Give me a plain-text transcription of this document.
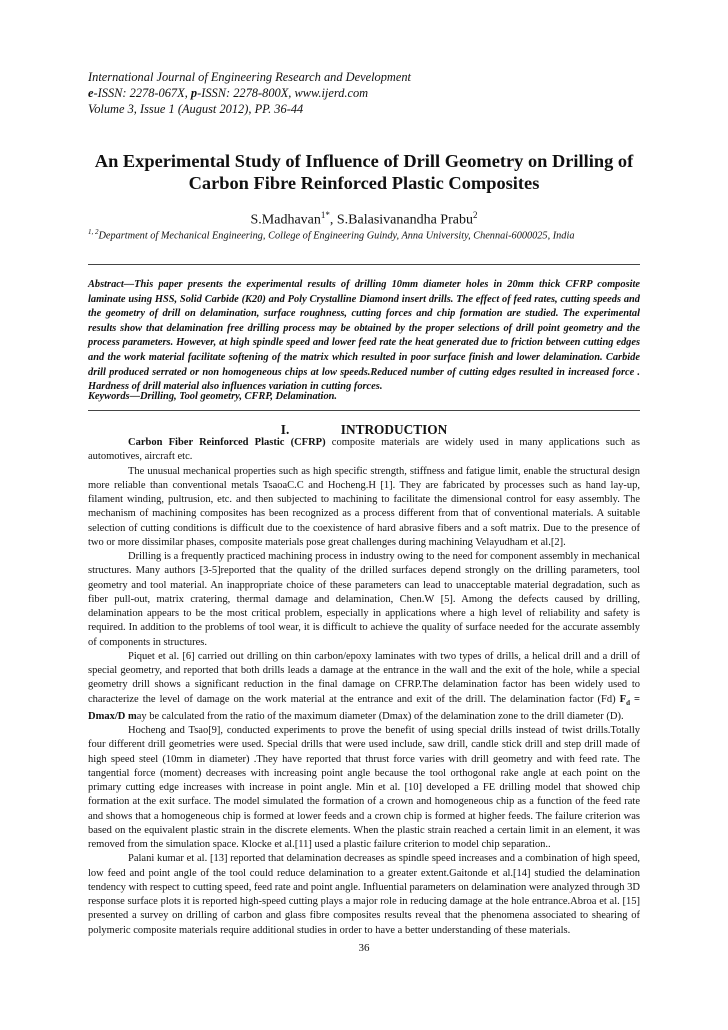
International Journal of Engineering Research and Development
e-ISSN: 2278-067X, p-ISSN: 2278-800X, www.ijerd.com
Volume 3, Issue 1 (August 2012), PP. 36-44
An Experimental Study of Influence of Drill Geometry on Drilling of Carbon Fibre Reinforced Plastic Composites
S.Madhavan$^{1*}$, S.Balasivanandha Prabu$^2$
$^{1, 2}$Department of Mechanical Engineering, College of Engineering Guindy, Anna University, Chennai-6000025, India
Abstract—This paper presents the experimental results of drilling 10mm diameter holes in 20mm thick CFRP composite laminate using HSS, Solid Carbide (K20) and Poly Crystalline Diamond insert drills. The effect of feed rates, cutting speeds and the geometry of drill on delamination, surface roughness, cutting forces and chip formation are studied. The experimental results show that delamination free drilling process may be obtained by the proper selections of drill point geometry and the process parameters. However, at high spindle speed and lower feed rate the heat generated due to friction between cutting edges and the work material facilitate softening of the matrix which resulted in poor surface finish and lower delamination. Carbide drill produced serrated or non homogeneous chips at low speeds.Reduced number of cutting edges resulted in increased force . Hardness of drill material also influences variation in cutting forces.
Keywords—Drilling, Tool geometry, CFRP, Delamination.
I.	INTRODUCTION

Carbon Fiber Reinforced Plastic (CFRP) composite materials are widely used in many applications such as automotives, aircraft etc.

The unusual mechanical properties such as high specific strength, stiffness and fatigue limit, enable the structural design more reliable than conventional metals TsaoaC.C and Hocheng.H [1]. They are fabricated by processes such as hand lay-up, filament winding, pultrusion, etc. and then subjected to machining to facilitate the dimensional control for easy assembly. The mechanism of machining composites has been recognized as a process different from that of conventional materials. A suitable selection of cutting conditions is difficult due to the coexistence of hard abrasive fibers and a soft matrix. Due to the presence of two or more dissimilar phases, composite materials pose great challenges during machining Velayudham et al.[2].

Drilling is a frequently practiced machining process in industry owing to the need for component assembly in mechanical structures. Many authors [3-5]reported that the quality of the drilled surfaces depend strongly on the drilling parameters, tool geometry and tool material. An inappropriate choice of these parameters can lead to unacceptable material degradation, such as fiber pull-out, matrix cratering, thermal damage and delamination, Chen.W [5]. Among the defects caused by drilling, delamination appears to be the most critical problem, especially in applications where a high level of reliability and safety is required. In addition to the problems of tool wear, it is difficult to achieve the quality of surface needed for the accurate assembly of components in structures.

Piquet et al. [6] carried out drilling on thin carbon/epoxy laminates with two types of drills, a helical drill and a drill of special geometry, and reported that both drills leads a damage at the entrance in the wall and the exit of the hole, while a special geometry drill shows a significant reduction in the final damage on CFRP.The delamination factor has been widely used to characterize the level of damage on the work material at the entrance and exit of the drill. The delamination factor (Fd) $F_d = Dmax/D$ may be calculated from the ratio of the maximum diameter (Dmax) of the delamination zone to the drill diameter (D).

Hocheng and Tsao[9], conducted experiments to prove the benefit of using special drills instead of twist drills.Totally four different drill geometries were used. Special drills that were used include, saw drill, candle stick drill and step drill made of high speed steel (10mm in diameter) .They have reported that thrust force varies with drill geometry and with feed rate. The tangential force (moment) decreases with increasing point angle because the tool orthogonal rake angle at each point on the primary cutting edge increases with increase in point angle. Min et al. [10] developed a FE drilling model that showed chip formation at the exit surface. The model simulated the formation of a crown and homogeneous chip as a function of the feed rate and shows that a homogeneous chip is formed at lower feeds and a crown chip is formed at higher feeds. The failure criterion was based on the equivalent plastic strain in the discrete elements. When the plastic strain reached a certain limit in an element, it was removed from the simulation space. Klocke et al.[11] used a plastic failure criterion to model chip separation..

Palani kumar et al. [13] reported that delamination decreases as spindle speed increases and a combination of high speed, low feed and point angle of the tool could reduce delamination to a greater extent.Gaitonde et al.[14] studied the delamination tendency with respect to cutting speed, feed rate and point angle. Influential parameters on delamination were analyzed through 3D response surface plots it is reported high-speed cutting plays a major role in reducing damage at the hole entrance.Abroa et al. [15] presented a survey on drilling of carbon and glass fibre composites results reveal that the phenomena associated to shearing of polymeric composite materials require additional studies in order to have a better understanding of these materials.

36
